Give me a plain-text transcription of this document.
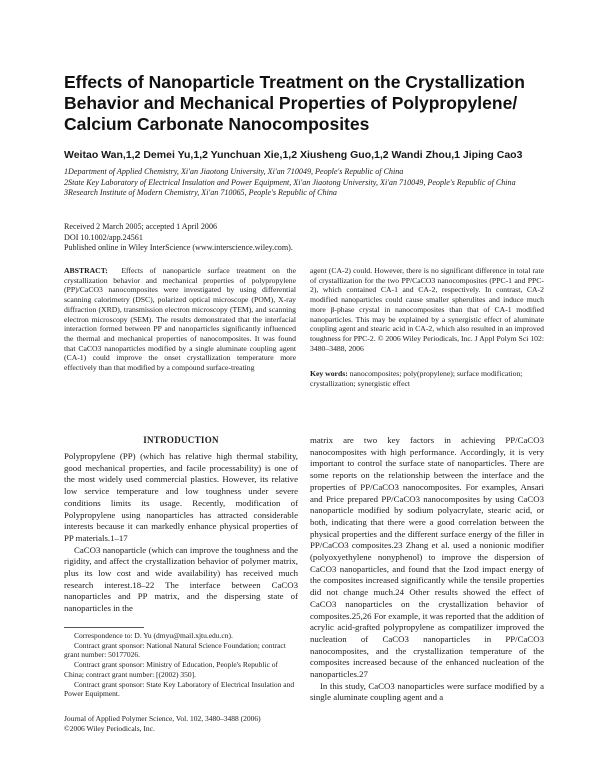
Effects of Nanoparticle Treatment on the Crystallization Behavior and Mechanical Properties of Polypropylene/ Calcium Carbonate Nanocomposites

Weitao Wan,1,2 Demei Yu,1,2 Yunchuan Xie,1,2 Xiusheng Guo,1,2 Wandi Zhou,1 Jiping Cao3

1Department of Applied Chemistry, Xi'an Jiaotong University, Xi'an 710049, People's Republic of China

2State Key Laboratory of Electrical Insulation and Power Equipment, Xi'an Jiaotong University, Xi'an 710049, People's Republic of China

3Research Institute of Modern Chemistry, Xi'an 710065, People's Republic of China

Received 2 March 2005; accepted 1 April 2006

DOI 10.1002/app.24561

Published online in Wiley InterScience (www.interscience.wiley.com).

ABSTRACT: Effects of nanoparticle surface treatment on the crystallization behavior and mechanical properties of polypropylene (PP)/CaCO3 nanocomposites were investigated by using differential scanning calorimetry (DSC), polarized optical microscope (POM), X-ray diffraction (XRD), transmission electron microscopy (TEM), and scanning electron microscopy (SEM). The results demonstrated that the interfacial interaction formed between PP and nanoparticles significantly influenced the thermal and mechanical properties of nanocomposites. It was found that CaCO3 nanoparticles modified by a single aluminate coupling agent (CA-1) could improve the onset crystallization temperature more effectively than that modified by a compound surface-treating

agent (CA-2) could. However, there is no significant difference in total rate of crystallization for the two PP/CaCO3 nanocomposites (PPC-1 and PPC-2), which contained CA-1 and CA-2, respectively. In contrast, CA-2 modified nanoparticles could cause smaller spherulites and induce much more β-phase crystal in nanocomposites than that of CA-1 modified nanoparticles. This may be explained by a synergistic effect of aluminate coupling agent and stearic acid in CA-2, which also resulted in an improved toughness for PPC-2. © 2006 Wiley Periodicals, Inc. J Appl Polym Sci 102: 3480–3488, 2006

Key words: nanocomposites; poly(propylene); surface modification; crystallization; synergistic effect

INTRODUCTION

Polypropylene (PP) (which has relative high thermal stability, good mechanical properties, and facile processability) is one of the most widely used commercial plastics. However, its relative low service temperature and low toughness under severe conditions limits its usage. Recently, modification of Polypropylene using nanoparticles has attracted considerable interests because it can markedly enhance physical properties of PP materials.1–17

CaCO3 nanoparticle (which can improve the toughness and the rigidity, and affect the crystallization behavior of polymer matrix, plus its low cost and wide availability) has received much research interest.18–22 The interface between CaCO3 nanoparticles and PP matrix, and the dispersing state of nanoparticles in the

matrix are two key factors in achieving PP/CaCO3 nanocomposites with high performance. Accordingly, it is very important to control the surface state of nanoparticles. There are some reports on the relationship between the interface and the properties of PP/CaCO3 nanocomposites. For examples, Ansari and Price prepared PP/CaCO3 nanocomposites by using CaCO3 nanoparticle modified by sodium polyacrylate, stearic acid, or both, indicating that there were a good correlation between the physical properties and the different surface energy of the filler in PP/CaCO3 composites.23 Zhang et al. used a nonionic modifier (polyoxyethylene nonyphenol) to improve the dispersion of CaCO3 nanoparticles, and found that the Izod impact energy of the composites increased significantly while the tensile properties did not change much.24 Other results showed the effect of CaCO3 nanoparticles on the crystallization behavior of composites.25,26 For example, it was reported that the addition of acrylic acid-grafted polypropylene as compatilizer improved the nucleation of CaCO3 nanoparticles in PP/CaCO3 nanocomposites, and the crystallization temperature of the composites increased because of the enhanced nucleation of the nanoparticles.27

In this study, CaCO3 nanoparticles were surface modified by a single aluminate coupling agent and a

Correspondence to: D. Yu (dmyu@mail.xjtu.edu.cn).

Contract grant sponsor: National Natural Science Foundation; contract grant number: 50177026.

Contract grant sponsor: Ministry of Education, People's Republic of China; contract grant number: [(2002) 350].

Contract grant sponsor: State Key Laboratory of Electrical Insulation and Power Equipment.

Journal of Applied Polymer Science, Vol. 102, 3480–3488 (2006)

©2006 Wiley Periodicals, Inc.
